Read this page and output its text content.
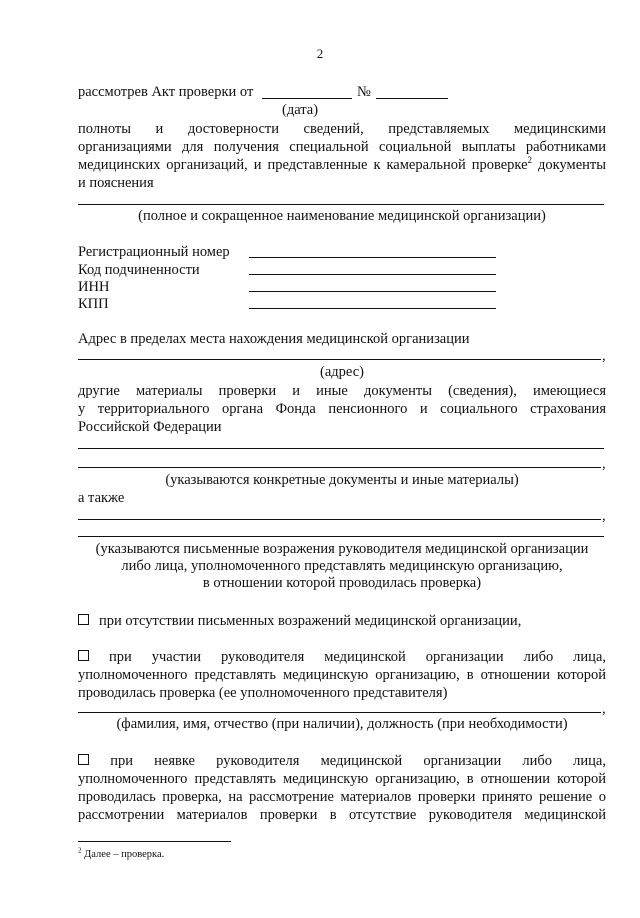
2
рассмотрев Акт проверки от	№
(дата)
полноты и достоверности сведений, представляемых медицинскими
организациями для получения специальной социальной выплаты работниками
медицинских организаций, и представленные к камеральной проверке$^2$ документы
и пояснения
(полное и сокращенное наименование медицинской организации)
Регистрационный номер
Код подчиненности
ИНН
КПП
Адрес в пределах места нахождения медицинской организации
,
(адрес)
другие материалы проверки и иные документы (сведения), имеющиеся
у территориального органа Фонда пенсионного и социального страхования
Российской Федерации
,
(указываются конкретные документы и иные материалы)
а также
,
(указываются письменные возражения руководителя медицинской организации
либо лица, уполномоченного представлять медицинскую организацию,
в отношении которой проводилась проверка)
при отсутствии письменных возражений медицинской организации,
при участии руководителя медицинской организации либо лица,
уполномоченного представлять медицинскую организацию, в отношении которой
проводилась проверка (ее уполномоченного представителя)
,
(фамилия, имя, отчество (при наличии), должность (при необходимости)
при неявке руководителя медицинской организации либо лица,
уполномоченного представлять медицинскую организацию, в отношении которой
проводилась проверка, на рассмотрение материалов проверки принято решение о
рассмотрении материалов проверки в отсутствие руководителя медицинской
$^2$ Далее – проверка.
